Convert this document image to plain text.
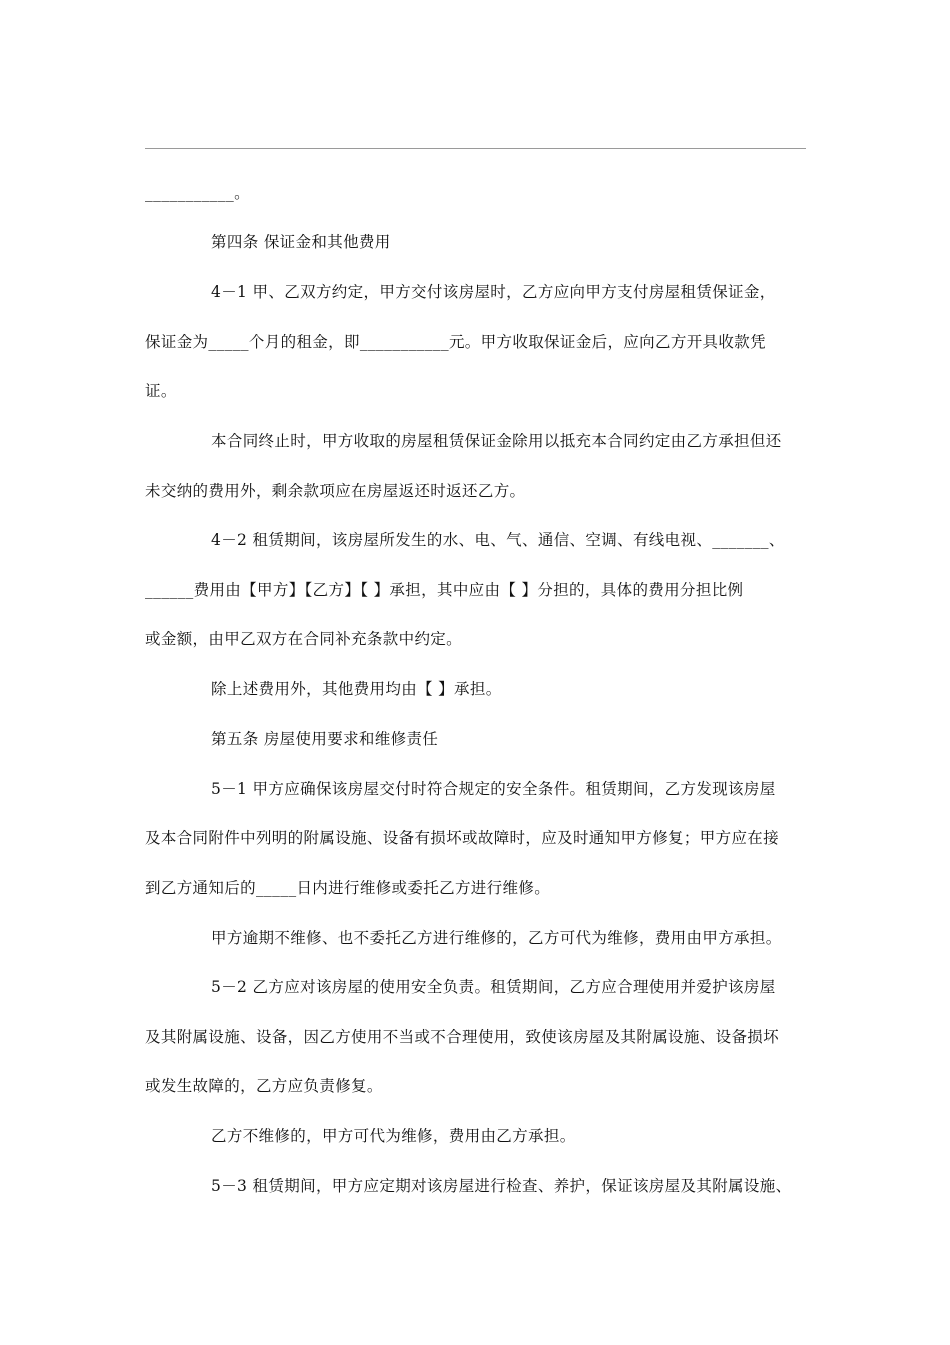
___________。
第四条 保证金和其他费用
4－1 甲、乙双方约定，甲方交付该房屋时，乙方应向甲方支付房屋租赁保证金，
保证金为_____个月的租金，即___________元。甲方收取保证金后，应向乙方开具收款凭
证。
本合同终止时，甲方收取的房屋租赁保证金除用以抵充本合同约定由乙方承担但还
未交纳的费用外，剩余款项应在房屋返还时返还乙方。
4－2 租赁期间，该房屋所发生的水、电、气、通信、空调、有线电视、_______、
______费用由【甲方】【乙方】【 】承担，其中应由【 】分担的，具体的费用分担比例
或金额，由甲乙双方在合同补充条款中约定。
除上述费用外，其他费用均由【 】承担。
第五条 房屋使用要求和维修责任
5－1 甲方应确保该房屋交付时符合规定的安全条件。租赁期间，乙方发现该房屋
及本合同附件中列明的附属设施、设备有损坏或故障时，应及时通知甲方修复；甲方应在接
到乙方通知后的_____日内进行维修或委托乙方进行维修。
甲方逾期不维修、也不委托乙方进行维修的，乙方可代为维修，费用由甲方承担。
5－2 乙方应对该房屋的使用安全负责。租赁期间，乙方应合理使用并爱护该房屋
及其附属设施、设备，因乙方使用不当或不合理使用，致使该房屋及其附属设施、设备损坏
或发生故障的，乙方应负责修复。
乙方不维修的，甲方可代为维修，费用由乙方承担。
5－3 租赁期间，甲方应定期对该房屋进行检查、养护，保证该房屋及其附属设施、
